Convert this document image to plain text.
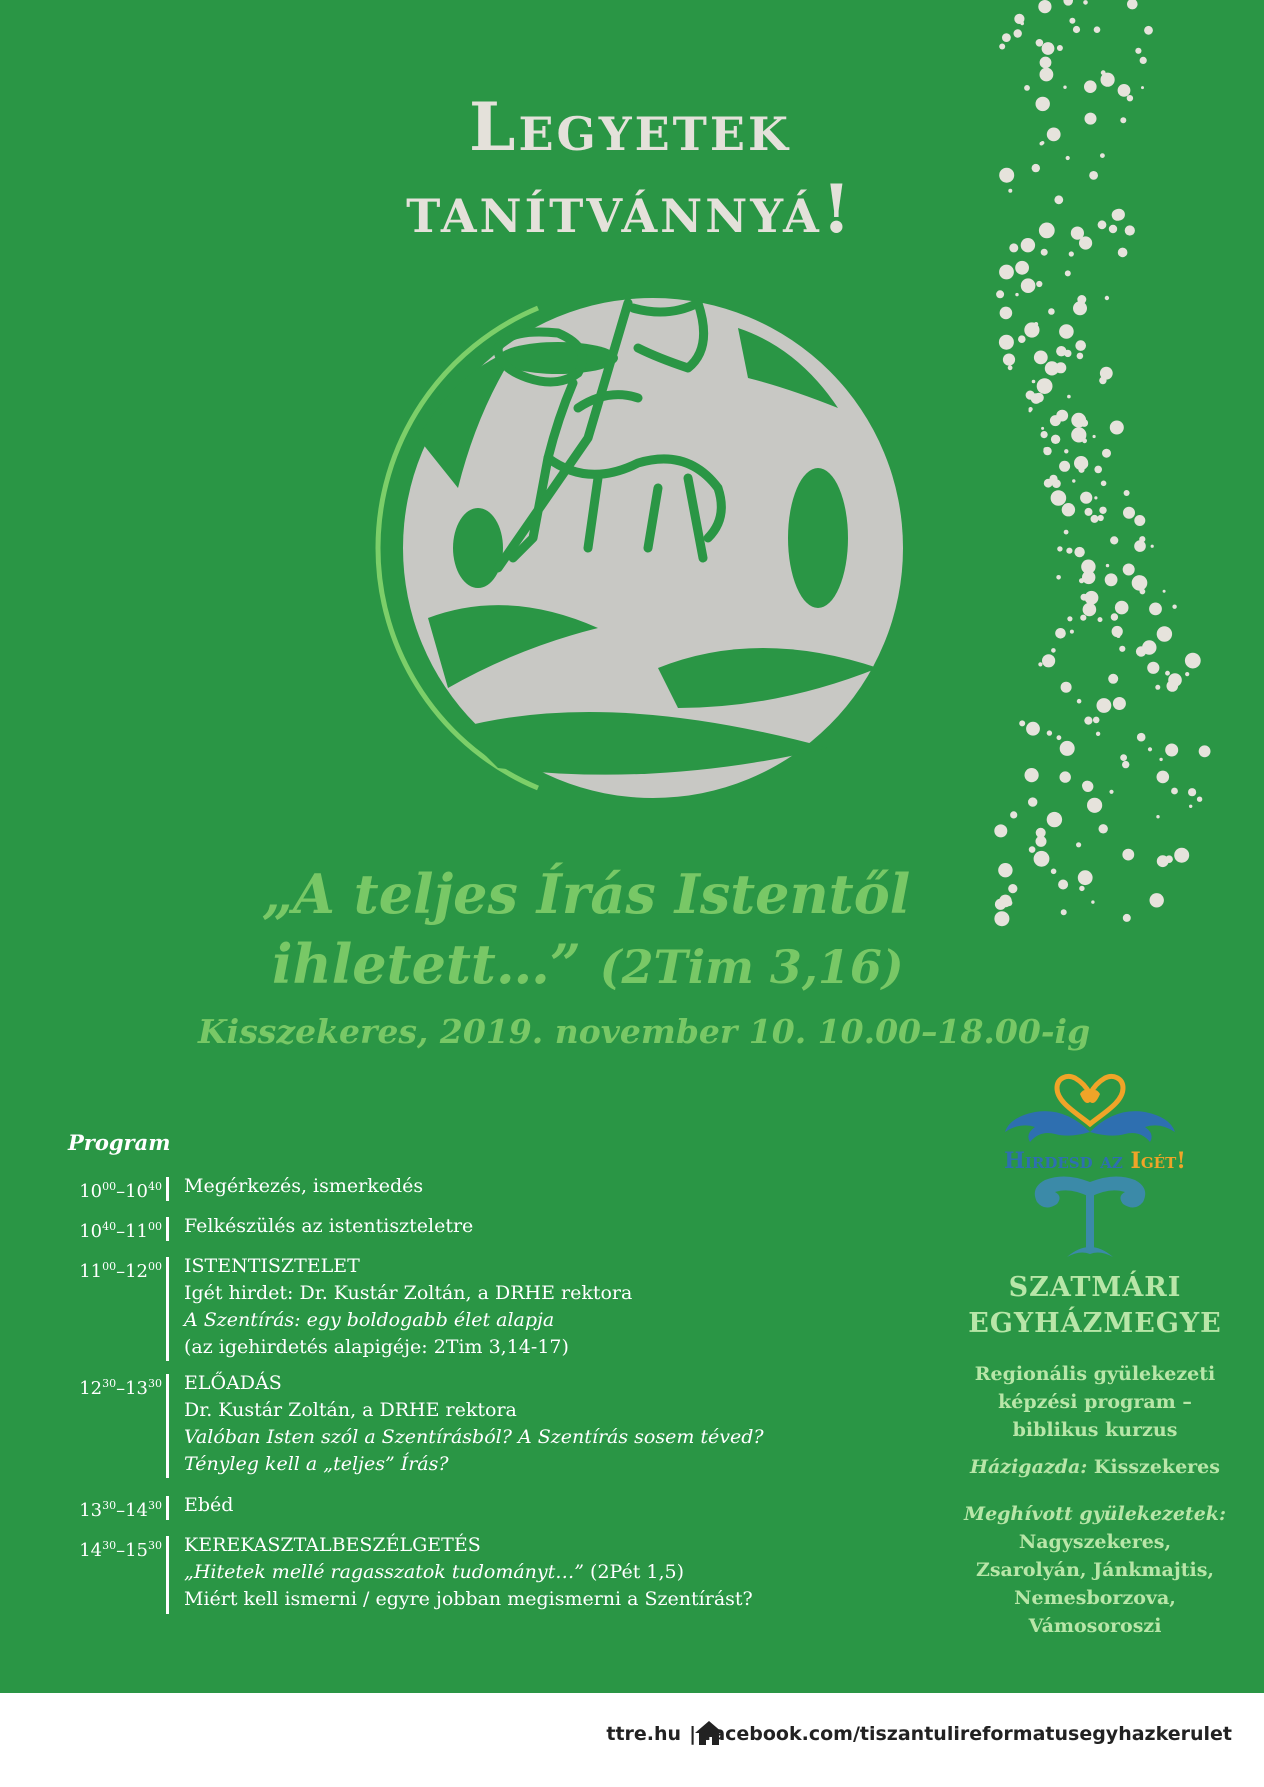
Legyetek
tanítvánnyá!
„A teljes Írás Istentől
ihletett…” (2Tim 3,16)
Kisszekeres, 2019. november 10. 10.00–18.00-ig
Program
$10^{00}-10^{40}$ Megérkezés, ismerkedés
$10^{40}-11^{00}$ Felkészülés az istentiszteletre
$11^{00}-12^{00}$ ISTENTISZTELET
Igét hirdet: Dr. Kustár Zoltán, a DRHE rektora
A Szentírás: egy boldogabb élet alapja
(az igehirdetés alapigéje: 2Tim 3,14-17)
$12^{30}-13^{30}$ ELŐADÁS
Dr. Kustár Zoltán, a DRHE rektora
Valóban Isten szól a Szentírásból? A Szentírás sosem téved?
Tényleg kell a „teljes” Írás?
$13^{30}-14^{30}$ Ebéd
$14^{30}-15^{30}$ KEREKASZTALBESZÉLGETÉS
„Hitetek mellé ragasszatok tudományt…” (2Pét 1,5)
Miért kell ismerni / egyre jobban megismerni a Szentírást?
Hirdesd az Igét!
SZATMÁRI
EGYHÁZMEGYE
Regionális gyülekezeti
képzési program –
biblikus kurzus
Házigazda: Kisszekeres
Meghívott gyülekezetek:
Nagyszekeres,
Zsarolyán, Jánkmajtis,
Nemesborzova,
Vámosoroszi
ttre.hu | facebook.com/tiszantulireformatusegyhazkerulet
